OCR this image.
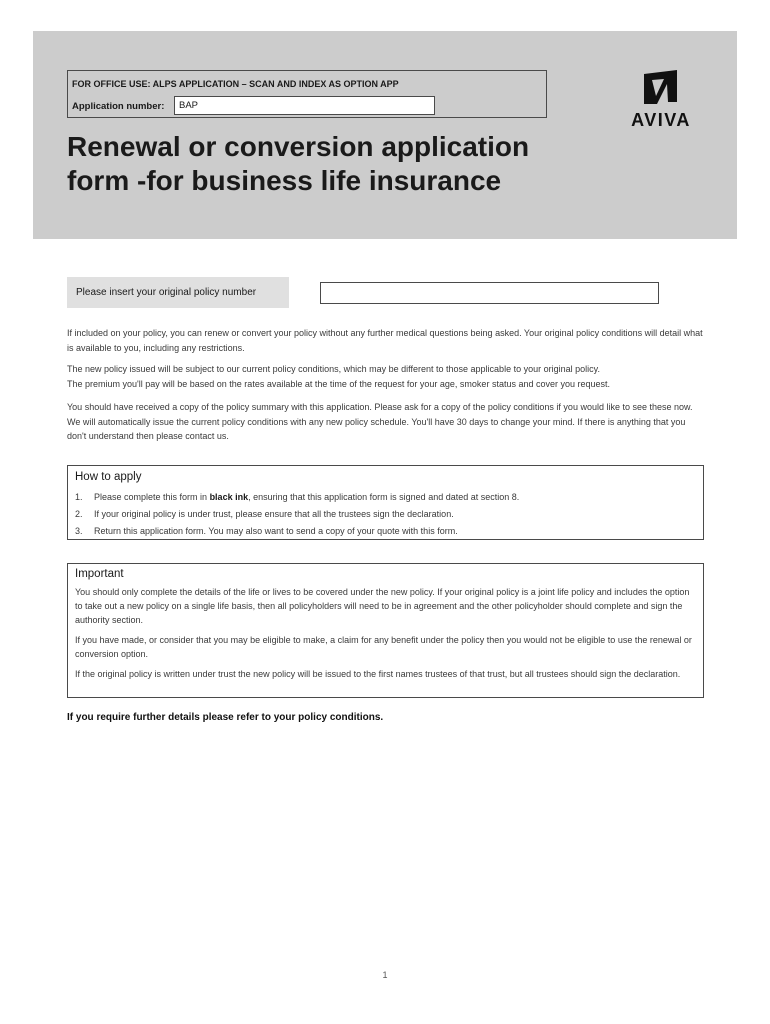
FOR OFFICE USE: ALPS APPLICATION – SCAN AND INDEX AS OPTION APP
Application number:	BAP
AVIVA
Renewal or conversion application form -for business life insurance
Please insert your original policy number

If included on your policy, you can renew or convert your policy without any further medical questions being asked. Your original policy conditions will detail what is available to you, including any restrictions.

The new policy issued will be subject to our current policy conditions, which may be different to those applicable to your original policy.

The premium you'll pay will be based on the rates available at the time of the request for your age, smoker status and cover you request.

You should have received a copy of the policy summary with this application. Please ask for a copy of the policy conditions if you would like to see these now. We will automatically issue the current policy conditions with any new policy schedule. You'll have 30 days to change your mind. If there is anything that you don't understand then please contact us.

How to apply
1.	Please complete this form in black ink, ensuring that this application form is signed and dated at section 8.
2.	If your original policy is under trust, please ensure that all the trustees sign the declaration.
3.	Return this application form. You may also want to send a copy of your quote with this form.
Important

You should only complete the details of the life or lives to be covered under the new policy. If your original policy is a joint life policy and includes the option to take out a new policy on a single life basis, then all policyholders will need to be in agreement and the other policyholder should complete and sign the authority section.

If you have made, or consider that you may be eligible to make, a claim for any benefit under the policy then you would not be eligible to use the renewal or conversion option.

If the original policy is written under trust the new policy will be issued to the first names trustees of that trust, but all trustees should sign the declaration.

If you require further details please refer to your policy conditions.

1
